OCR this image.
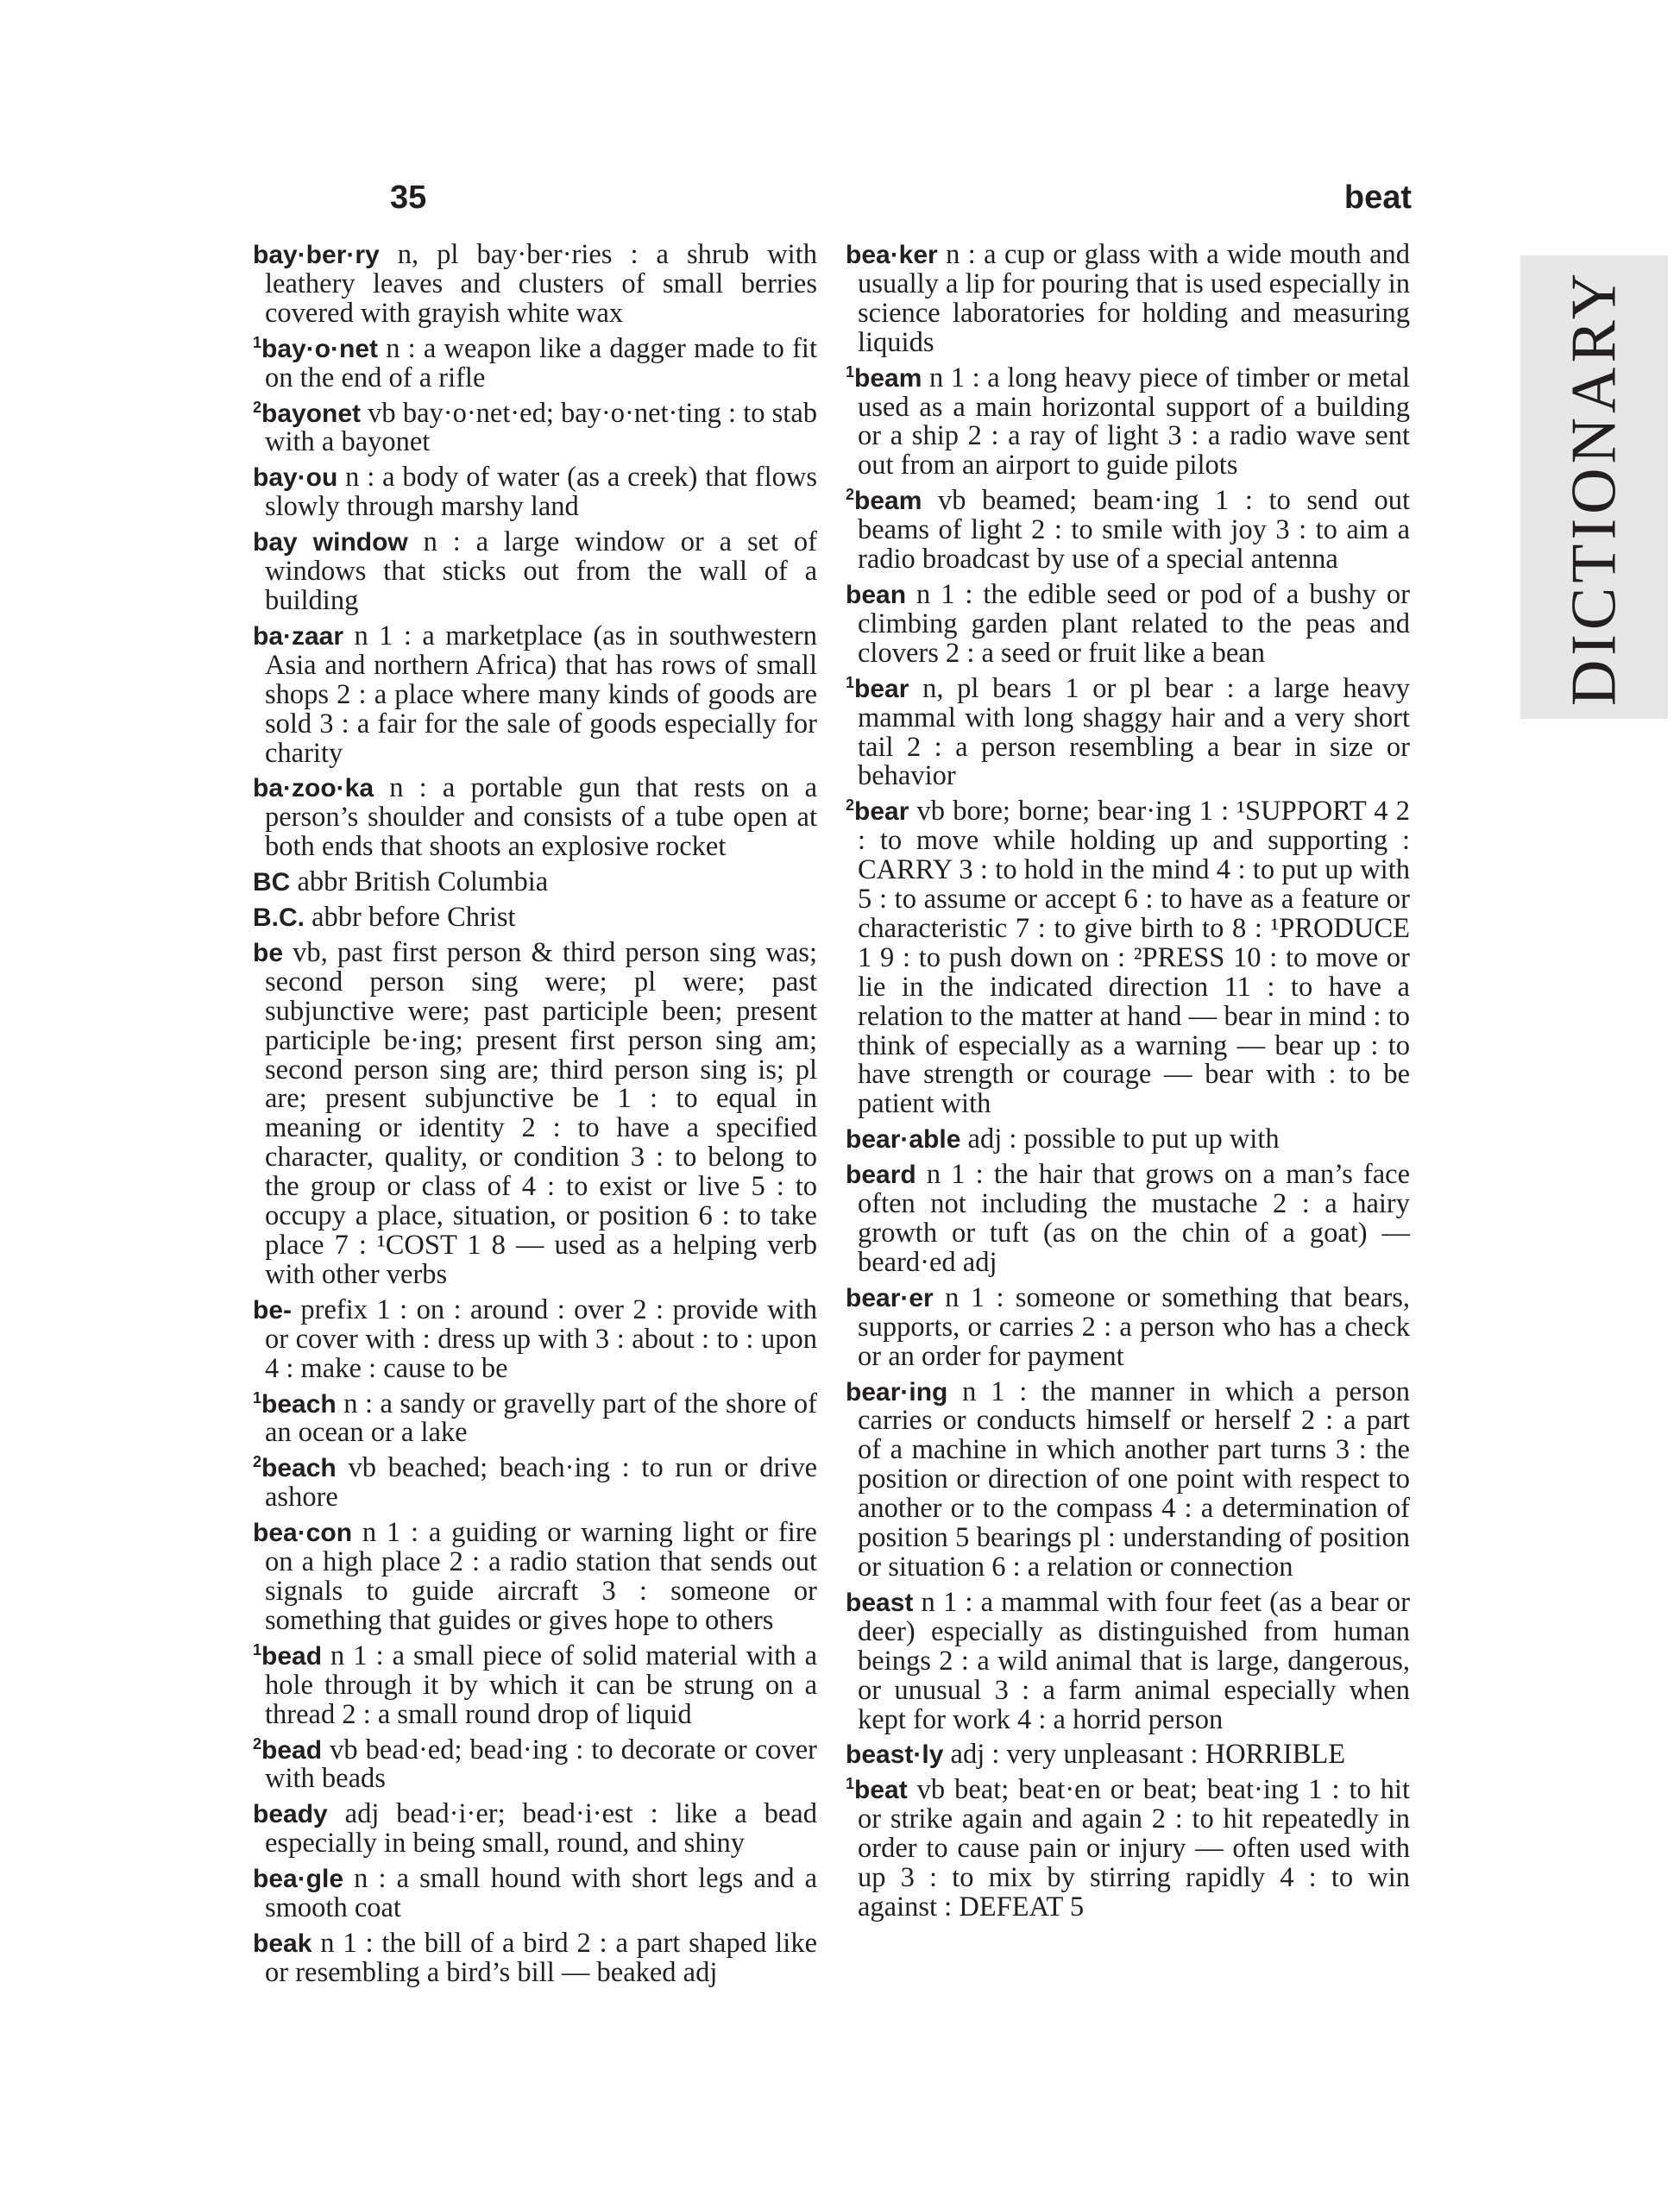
35	beat
DICTIONARY
bay·ber·ry n, pl bay·ber·ries : a shrub with leathery leaves and clusters of small berries covered with grayish white wax
$^1$bay·o·net n : a weapon like a dagger made to fit on the end of a rifle
$^2$bayonet vb bay·o·net·ed; bay·o·net·ting : to stab with a bayonet
bay·ou n : a body of water (as a creek) that flows slowly through marshy land
bay window n : a large window or a set of windows that sticks out from the wall of a building
ba·zaar n 1 : a marketplace (as in southwestern Asia and northern Africa) that has rows of small shops 2 : a place where many kinds of goods are sold 3 : a fair for the sale of goods especially for charity
ba·zoo·ka n : a portable gun that rests on a person’s shoulder and consists of a tube open at both ends that shoots an explosive rocket
BC abbr British Columbia
B.C. abbr before Christ
be vb, past first person & third person sing was; second person sing were; pl were; past subjunctive were; past participle been; present participle be·ing; present first person sing am; second person sing are; third person sing is; pl are; present subjunctive be 1 : to equal in meaning or identity 2 : to have a specified character, quality, or condition 3 : to belong to the group or class of 4 : to exist or live 5 : to occupy a place, situation, or position 6 : to take place 7 : ¹COST 1 8 — used as a helping verb with other verbs
be- prefix 1 : on : around : over 2 : provide with or cover with : dress up with 3 : about : to : upon 4 : make : cause to be
$^1$beach n : a sandy or gravelly part of the shore of an ocean or a lake
$^2$beach vb beached; beach·ing : to run or drive ashore
bea·con n 1 : a guiding or warning light or fire on a high place 2 : a radio station that sends out signals to guide aircraft 3 : someone or something that guides or gives hope to others
$^1$bead n 1 : a small piece of solid material with a hole through it by which it can be strung on a thread 2 : a small round drop of liquid
$^2$bead vb bead·ed; bead·ing : to decorate or cover with beads
beady adj bead·i·er; bead·i·est : like a bead especially in being small, round, and shiny
bea·gle n : a small hound with short legs and a smooth coat
beak n 1 : the bill of a bird 2 : a part shaped like or resembling a bird’s bill — beaked adj
bea·ker n : a cup or glass with a wide mouth and usually a lip for pouring that is used especially in science laboratories for holding and measuring liquids
$^1$beam n 1 : a long heavy piece of timber or metal used as a main horizontal support of a building or a ship 2 : a ray of light 3 : a radio wave sent out from an airport to guide pilots
$^2$beam vb beamed; beam·ing 1 : to send out beams of light 2 : to smile with joy 3 : to aim a radio broadcast by use of a special antenna
bean n 1 : the edible seed or pod of a bushy or climbing garden plant related to the peas and clovers 2 : a seed or fruit like a bean
$^1$bear n, pl bears 1 or pl bear : a large heavy mammal with long shaggy hair and a very short tail 2 : a person resembling a bear in size or behavior
$^2$bear vb bore; borne; bear·ing 1 : ¹SUPPORT 4 2 : to move while holding up and supporting : CARRY 3 : to hold in the mind 4 : to put up with 5 : to assume or accept 6 : to have as a feature or characteristic 7 : to give birth to 8 : ¹PRODUCE 1 9 : to push down on : ²PRESS 10 : to move or lie in the indicated direction 11 : to have a relation to the matter at hand — bear in mind : to think of especially as a warning — bear up : to have strength or courage — bear with : to be patient with
bear·able adj : possible to put up with
beard n 1 : the hair that grows on a man’s face often not including the mustache 2 : a hairy growth or tuft (as on the chin of a goat) — beard·ed adj
bear·er n 1 : someone or something that bears, supports, or carries 2 : a person who has a check or an order for payment
bear·ing n 1 : the manner in which a person carries or conducts himself or herself 2 : a part of a machine in which another part turns 3 : the position or direction of one point with respect to another or to the compass 4 : a determination of position 5 bearings pl : understanding of position or situation 6 : a relation or connection
beast n 1 : a mammal with four feet (as a bear or deer) especially as distinguished from human beings 2 : a wild animal that is large, dangerous, or unusual 3 : a farm animal especially when kept for work 4 : a horrid person
beast·ly adj : very unpleasant : HORRIBLE
$^1$beat vb beat; beat·en or beat; beat·ing 1 : to hit or strike again and again 2 : to hit repeatedly in order to cause pain or injury — often used with up 3 : to mix by stirring rapidly 4 : to win against : DEFEAT 5
